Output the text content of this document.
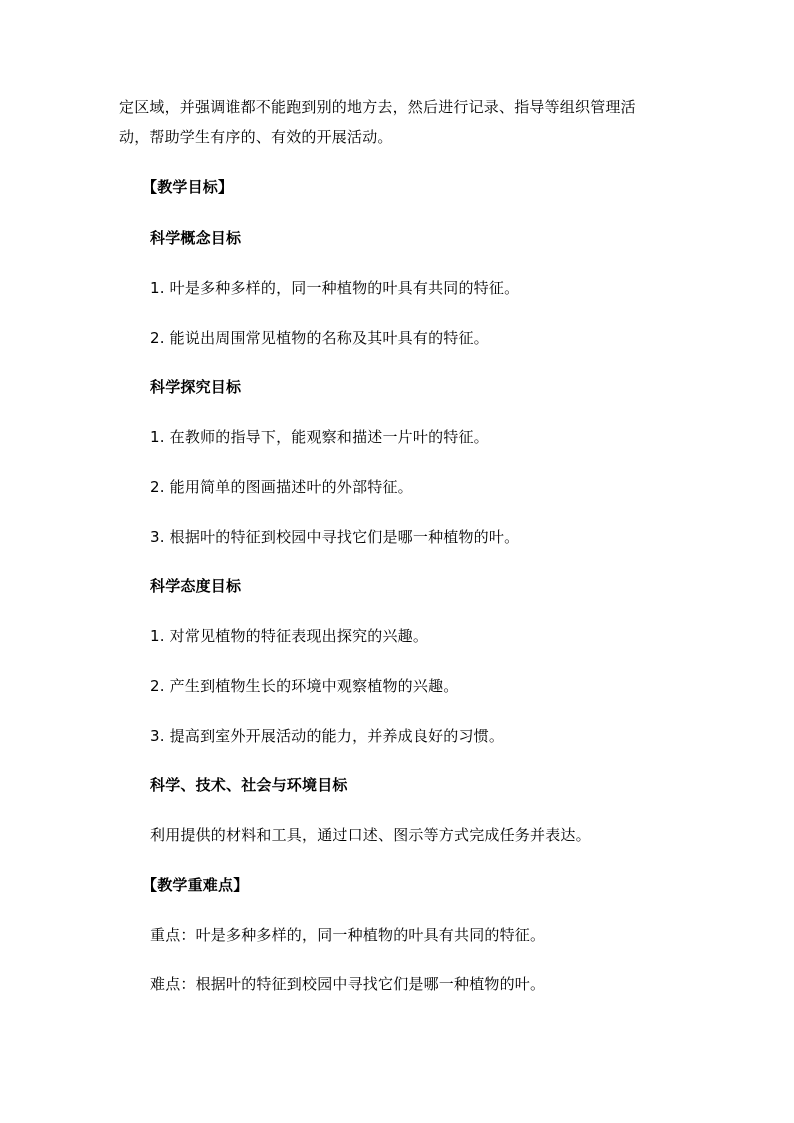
定区域，并强调谁都不能跑到别的地方去，然后进行记录、指导等组织管理活
动，帮助学生有序的、有效的开展活动。
【教学目标】
科学概念目标
1. 叶是多种多样的，同一种植物的叶具有共同的特征。
2. 能说出周围常见植物的名称及其叶具有的特征。
科学探究目标
1. 在教师的指导下，能观察和描述一片叶的特征。
2. 能用简单的图画描述叶的外部特征。
3. 根据叶的特征到校园中寻找它们是哪一种植物的叶。
科学态度目标
1. 对常见植物的特征表现出探究的兴趣。
2. 产生到植物生长的环境中观察植物的兴趣。
3. 提高到室外开展活动的能力，并养成良好的习惯。
科学、技术、社会与环境目标
利用提供的材料和工具，通过口述、图示等方式完成任务并表达。
【教学重难点】
重点：叶是多种多样的，同一种植物的叶具有共同的特征。
难点：根据叶的特征到校园中寻找它们是哪一种植物的叶。
